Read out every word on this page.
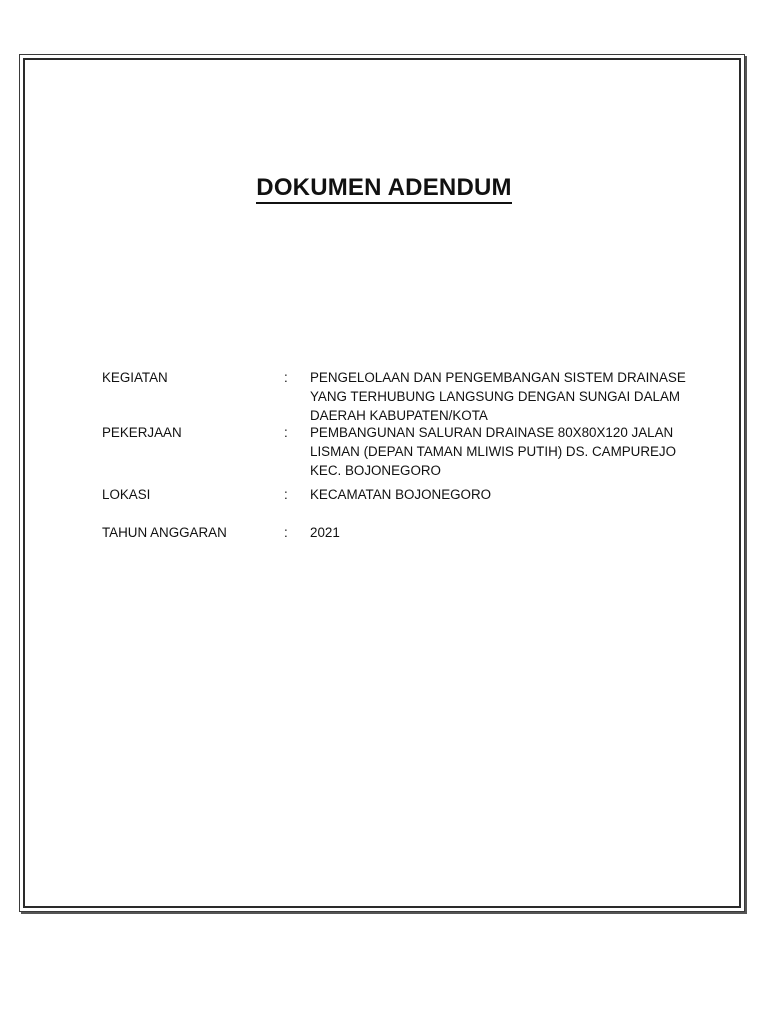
DOKUMEN ADENDUM
KEGIATAN	:	PENGELOLAAN DAN PENGEMBANGAN SISTEM DRAINASE
YANG TERHUBUNG LANGSUNG DENGAN SUNGAI DALAM
DAERAH KABUPATEN/KOTA
PEKERJAAN	:	PEMBANGUNAN SALURAN DRAINASE 80X80X120 JALAN
LISMAN (DEPAN TAMAN MLIWIS PUTIH) DS. CAMPUREJO
KEC. BOJONEGORO
LOKASI	:	KECAMATAN BOJONEGORO
TAHUN ANGGARAN	:	2021
